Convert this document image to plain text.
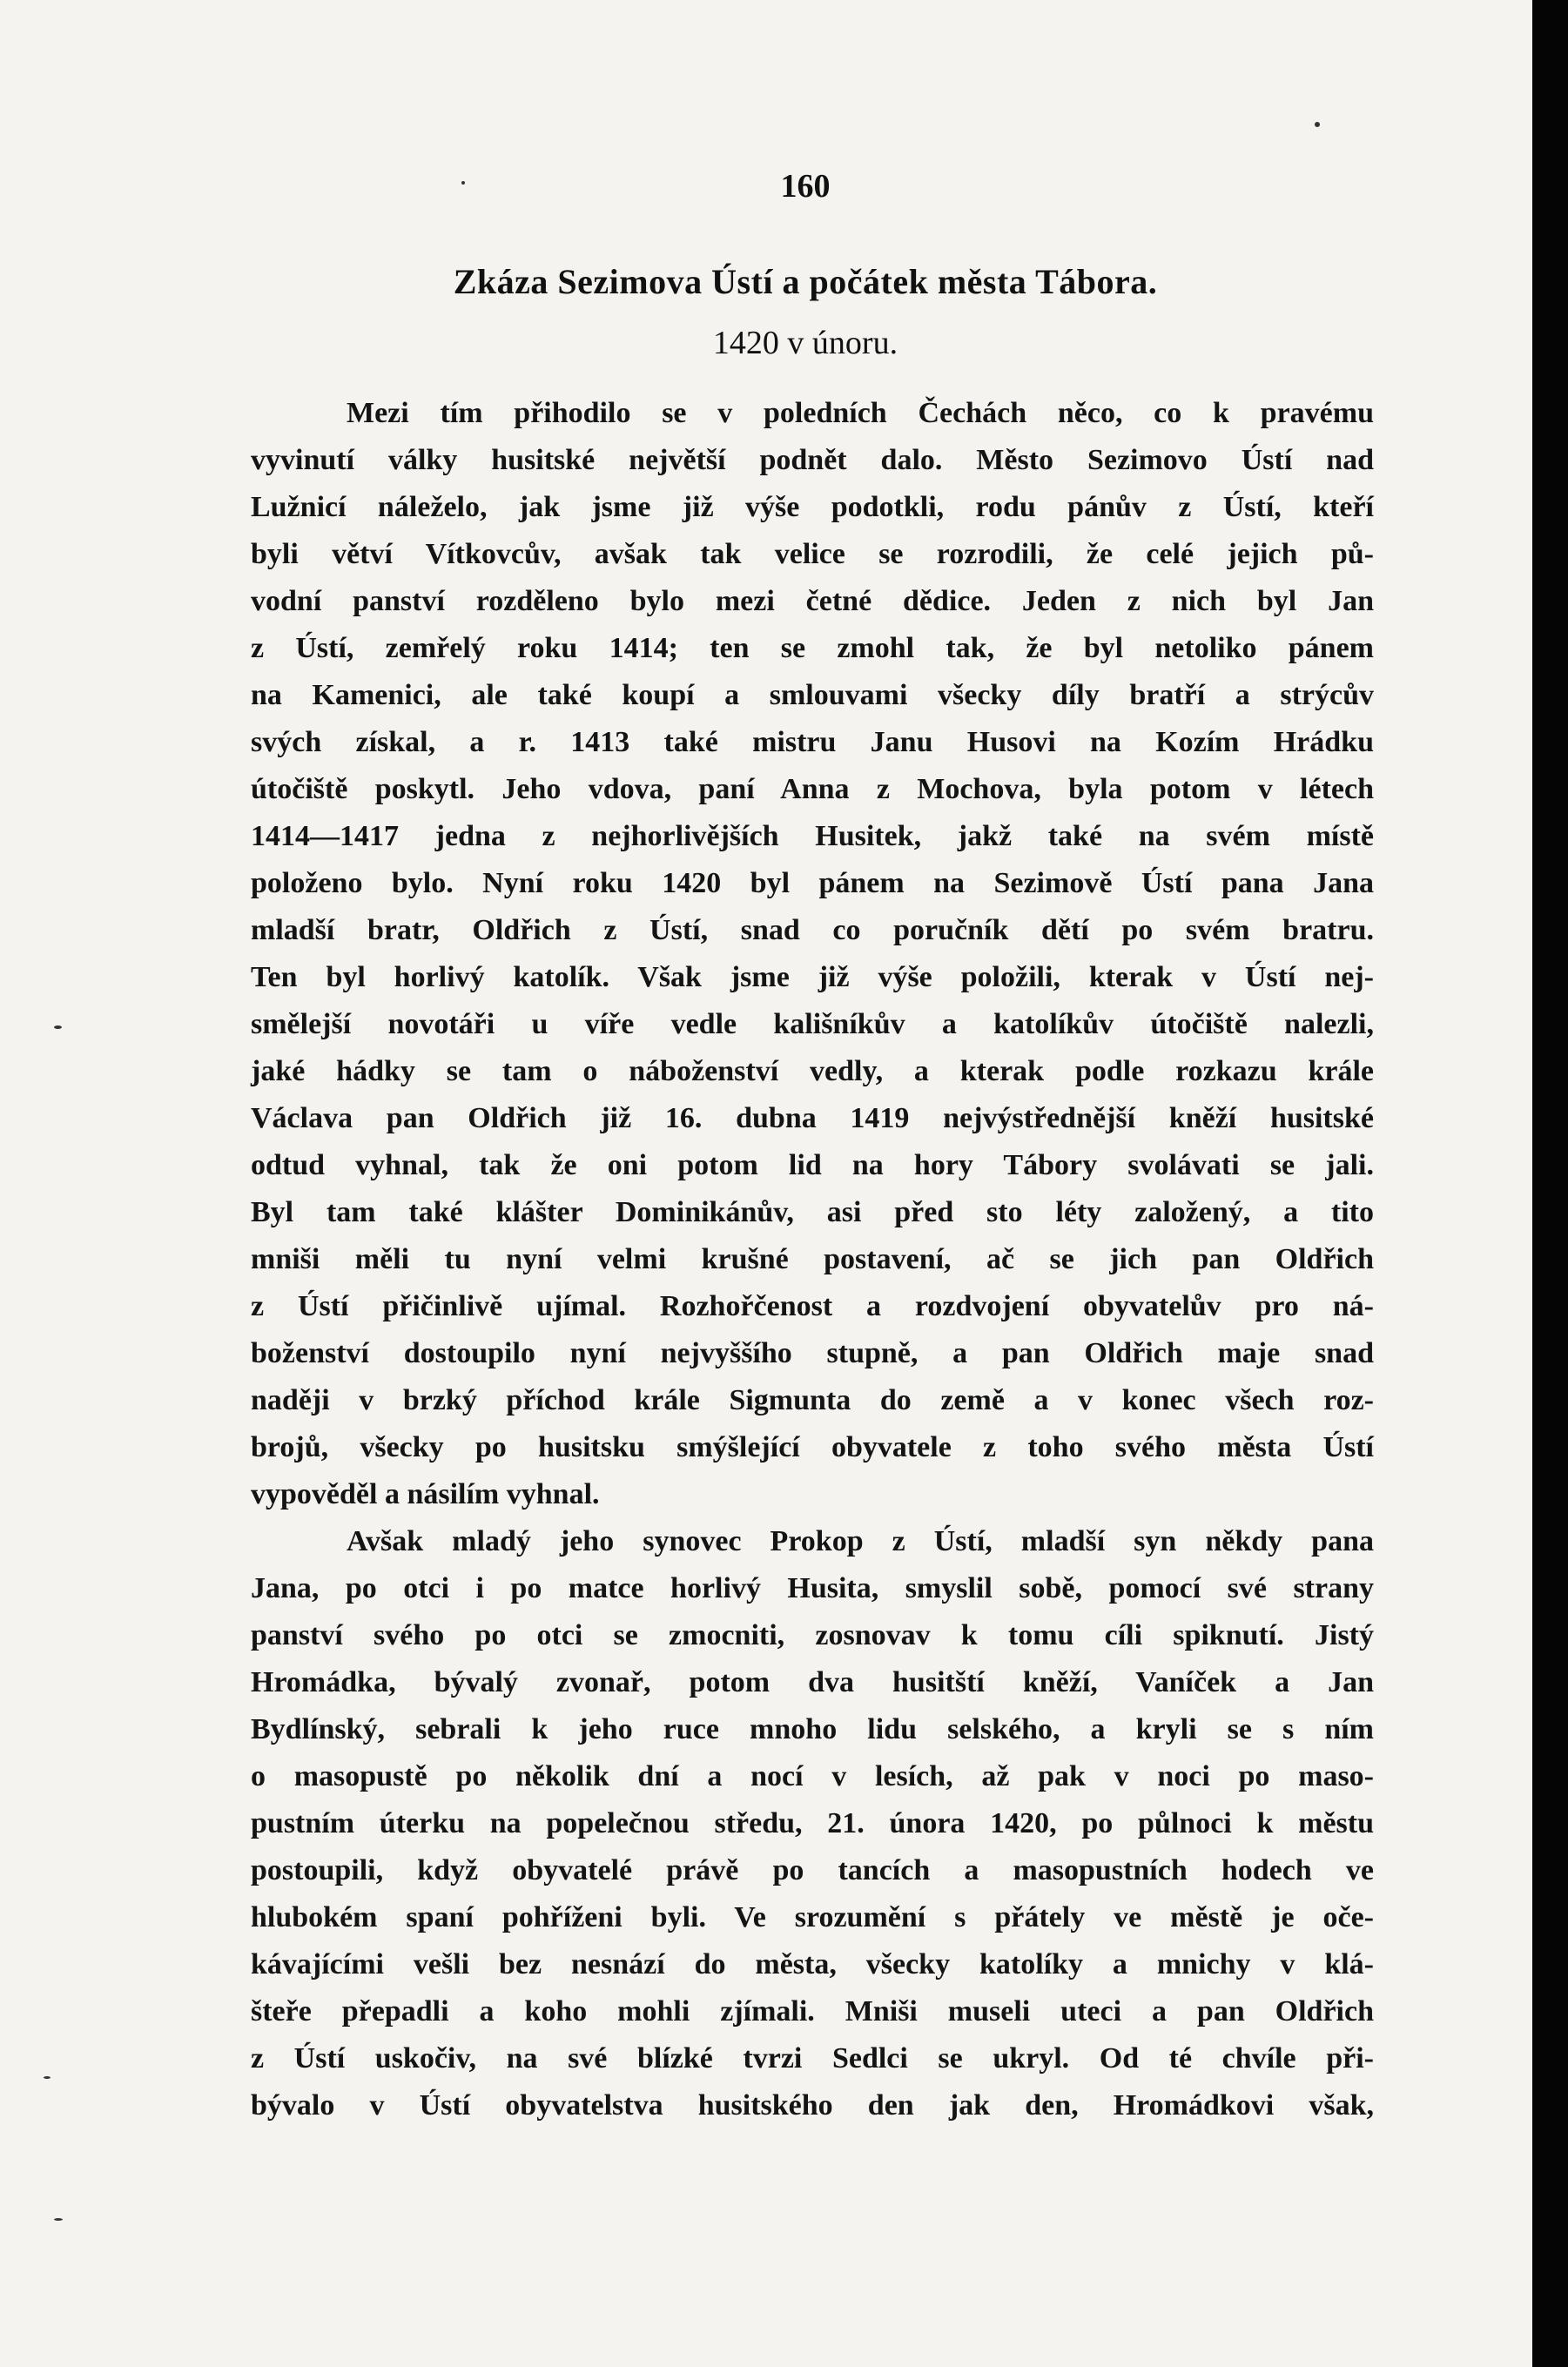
160
Zkáza Sezimova Ústí a počátek města Tábora.
1420 v únoru.
Mezi tím přihodilo se v poledních Čechách něco, co k pravému
vyvinutí války husitské největší podnět dalo. Město Sezimovo Ústí nad
Lužnicí náleželo, jak jsme již výše podotkli, rodu pánův z Ústí, kteří
byli větví Vítkovcův, avšak tak velice se rozrodili, že celé jejich pů-
vodní panství rozděleno bylo mezi četné dědice. Jeden z nich byl Jan
z Ústí, zemřelý roku 1414; ten se zmohl tak, že byl netoliko pánem
na Kamenici, ale také koupí a smlouvami všecky díly bratří a strýcův
svých získal, a r. 1413 také mistru Janu Husovi na Kozím Hrádku
útočiště poskytl. Jeho vdova, paní Anna z Mochova, byla potom v létech
1414—1417 jedna z nejhorlivějších Husitek, jakž také na svém místě
položeno bylo. Nyní roku 1420 byl pánem na Sezimově Ústí pana Jana
mladší bratr, Oldřich z Ústí, snad co poručník dětí po svém bratru.
Ten byl horlivý katolík. Však jsme již výše položili, kterak v Ústí nej-
smělejší novotáři u víře vedle kališníkův a katolíkův útočiště nalezli,
jaké hádky se tam o náboženství vedly, a kterak podle rozkazu krále
Václava pan Oldřich již 16. dubna 1419 nejvýstřednější kněží husitské
odtud vyhnal, tak že oni potom lid na hory Tábory svolávati se jali.
Byl tam také klášter Dominikánův, asi před sto léty založený, a tito
mniši měli tu nyní velmi krušné postavení, ač se jich pan Oldřich
z Ústí přičinlivě ujímal. Rozhořčenost a rozdvojení obyvatelův pro ná-
boženství dostoupilo nyní nejvyššího stupně, a pan Oldřich maje snad
naději v brzký příchod krále Sigmunta do země a v konec všech roz-
brojů, všecky po husitsku smýšlející obyvatele z toho svého města Ústí
vypověděl a násilím vyhnal.
Avšak mladý jeho synovec Prokop z Ústí, mladší syn někdy pana
Jana, po otci i po matce horlivý Husita, smyslil sobě, pomocí své strany
panství svého po otci se zmocniti, zosnovav k tomu cíli spiknutí. Jistý
Hromádka, bývalý zvonař, potom dva husitští kněží, Vaníček a Jan
Bydlínský, sebrali k jeho ruce mnoho lidu selského, a kryli se s ním
o masopustě po několik dní a nocí v lesích, až pak v noci po maso-
pustním úterku na popelečnou středu, 21. února 1420, po půlnoci k městu
postoupili, když obyvatelé právě po tancích a masopustních hodech ve
hlubokém spaní pohříženi byli. Ve srozumění s přátely ve městě je oče-
kávajícími vešli bez nesnází do města, všecky katolíky a mnichy v klá-
šteře přepadli a koho mohli zjímali. Mniši museli uteci a pan Oldřich
z Ústí uskočiv, na své blízké tvrzi Sedlci se ukryl. Od té chvíle při-
bývalo v Ústí obyvatelstva husitského den jak den, Hromádkovi však,
